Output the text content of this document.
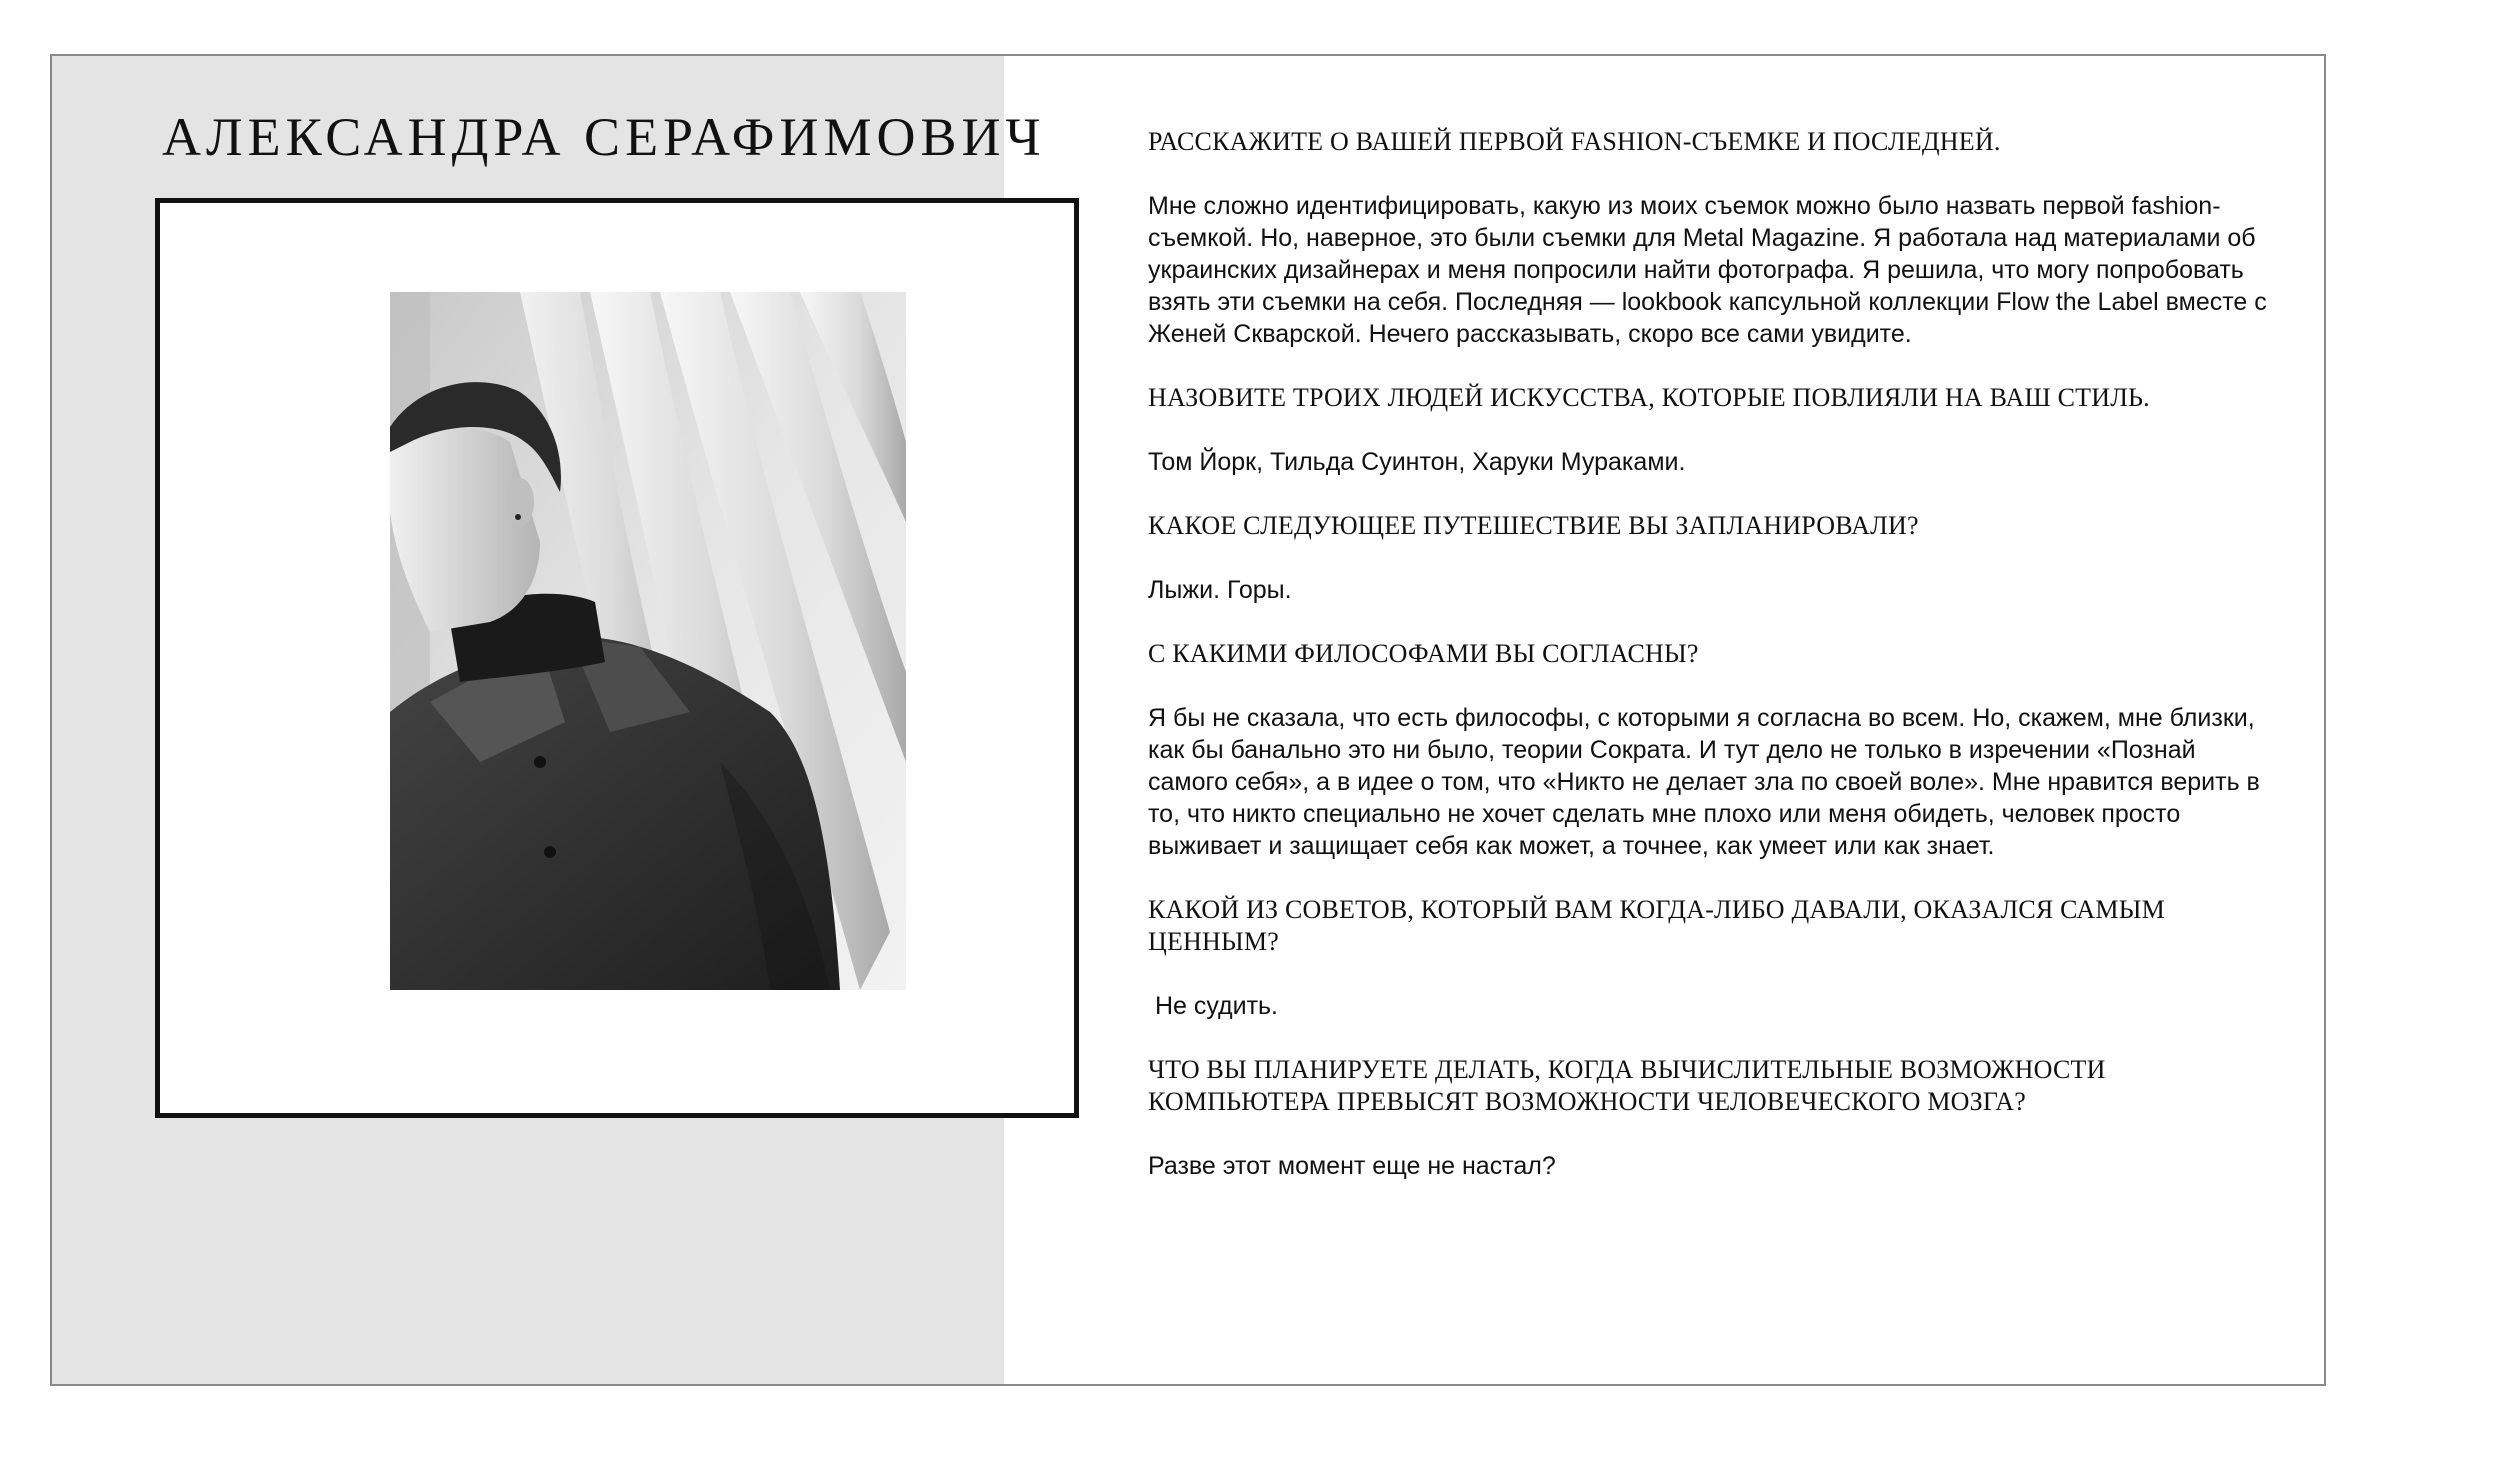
АЛЕКСАНДРА СЕРАФИМОВИЧ	РАССКАЖИТЕ О ВАШЕЙ ПЕРВОЙ FASHION-СЪЕМКЕ И ПОСЛЕДНЕЙ.

Мне сложно идентифицировать, какую из моих съемок можно было назвать первой fashion-съемкой. Но, наверное, это были съемки для Metal Magazine. Я работала над материалами об украинских дизайнерах и меня попросили найти фотографа. Я решила, что могу попробовать взять эти съемки на себя. Последняя — lookbook капсульной коллекции Flow the Label вместе с Женей Скварской. Нечего рассказывать, скоро все сами увидите.

НАЗОВИТЕ ТРОИХ ЛЮДЕЙ ИСКУССТВА, КОТОРЫЕ ПОВЛИЯЛИ НА ВАШ СТИЛЬ.

Том Йорк, Тильда Суинтон, Харуки Мураками.

КАКОЕ СЛЕДУЮЩЕЕ ПУТЕШЕСТВИЕ ВЫ ЗАПЛАНИРОВАЛИ?

Лыжи. Горы.

С КАКИМИ ФИЛОСОФАМИ ВЫ СОГЛАСНЫ?

Я бы не сказала, что есть философы, с которыми я согласна во всем. Но, скажем, мне близки, как бы банально это ни было, теории Сократа. И тут дело не только в изречении «Познай самого себя», а в идее о том, что «Никто не делает зла по своей воле». Мне нравится верить в то, что никто специально не хочет сделать мне плохо или меня обидеть, человек просто выживает и защищает себя как может, а точнее, как умеет или как знает.

КАКОЙ ИЗ СОВЕТОВ, КОТОРЫЙ ВАМ КОГДА-ЛИБО ДАВАЛИ, ОКАЗАЛСЯ САМЫМ ЦЕННЫМ?

Не судить.

ЧТО ВЫ ПЛАНИРУЕТЕ ДЕЛАТЬ, КОГДА ВЫЧИСЛИТЕЛЬНЫЕ ВОЗМОЖНОСТИ КОМПЬЮТЕРА ПРЕВЫСЯТ ВОЗМОЖНОСТИ ЧЕЛОВЕЧЕСКОГО МОЗГА?

Разве этот момент еще не настал?
